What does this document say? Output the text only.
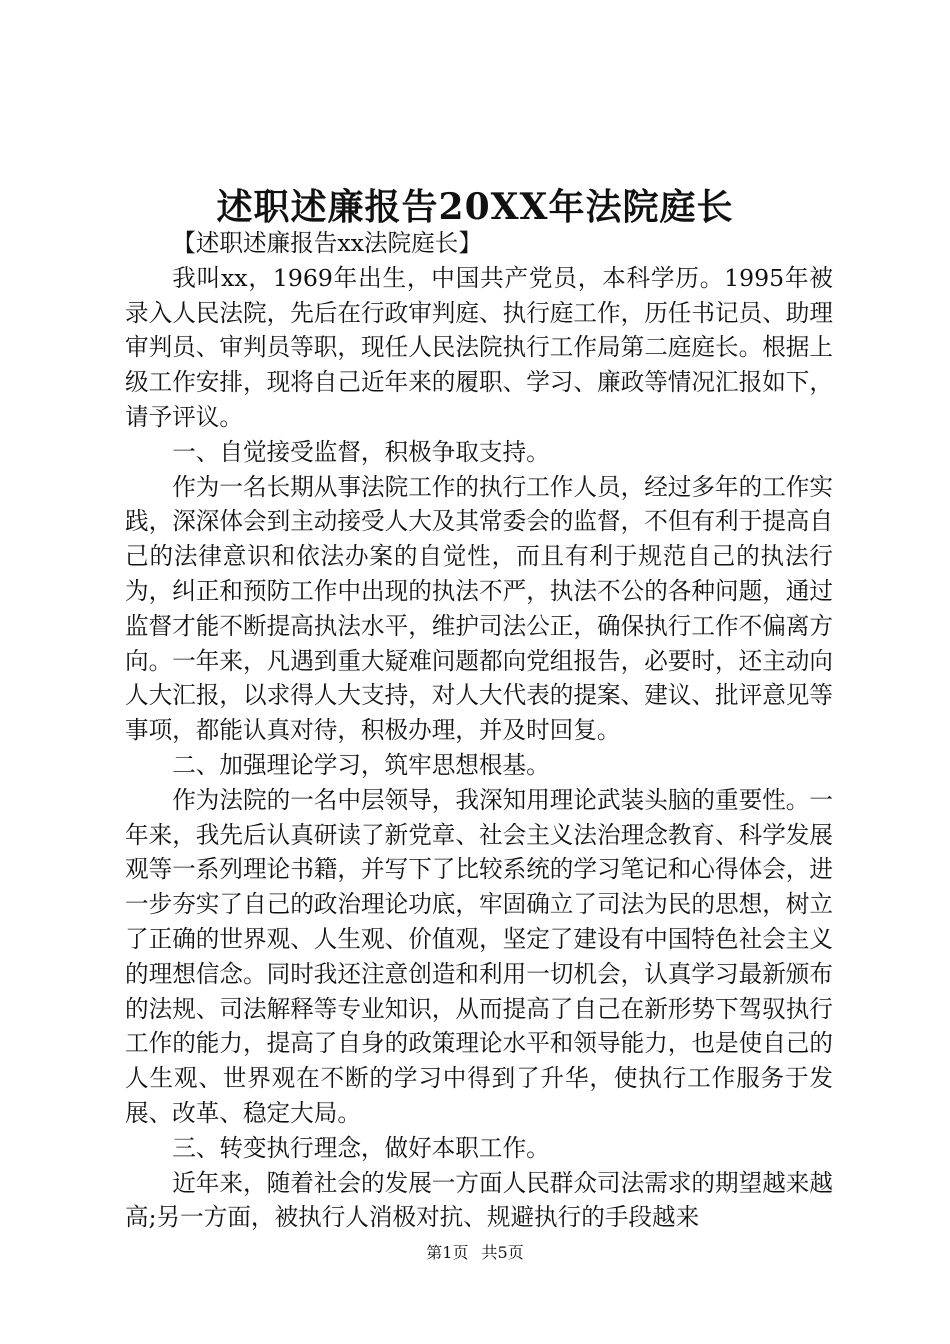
述职述廉报告20XX年法院庭长

【述职述廉报告xx法院庭长】

我叫xx，1969年出生，中国共产党员，本科学历。1995年被录入人民法院，先后在行政审判庭、执行庭工作，历任书记员、助理审判员、审判员等职，现任人民法院执行工作局第二庭庭长。根据上级工作安排，现将自己近年来的履职、学习、廉政等情况汇报如下，请予评议。

一、自觉接受监督，积极争取支持。

作为一名长期从事法院工作的执行工作人员，经过多年的工作实践，深深体会到主动接受人大及其常委会的监督，不但有利于提高自己的法律意识和依法办案的自觉性，而且有利于规范自己的执法行为，纠正和预防工作中出现的执法不严，执法不公的各种问题，通过监督才能不断提高执法水平，维护司法公正，确保执行工作不偏离方向。一年来，凡遇到重大疑难问题都向党组报告，必要时，还主动向人大汇报，以求得人大支持，对人大代表的提案、建议、批评意见等事项，都能认真对待，积极办理，并及时回复。

二、加强理论学习，筑牢思想根基。

作为法院的一名中层领导，我深知用理论武装头脑的重要性。一年来，我先后认真研读了新党章、社会主义法治理念教育、科学发展观等一系列理论书籍，并写下了比较系统的学习笔记和心得体会，进一步夯实了自己的政治理论功底，牢固确立了司法为民的思想，树立了正确的世界观、人生观、价值观，坚定了建设有中国特色社会主义的理想信念。同时我还注意创造和利用一切机会，认真学习最新颁布的法规、司法解释等专业知识，从而提高了自己在新形势下驾驭执行工作的能力，提高了自身的政策理论水平和领导能力，也是使自己的人生观、世界观在不断的学习中得到了升华，使执行工作服务于发展、改革、稳定大局。

三、转变执行理念，做好本职工作。

近年来，随着社会的发展一方面人民群众司法需求的期望越来越高;另一方面，被执行人消极对抗、规避执行的手段越来

第1页 共5页
